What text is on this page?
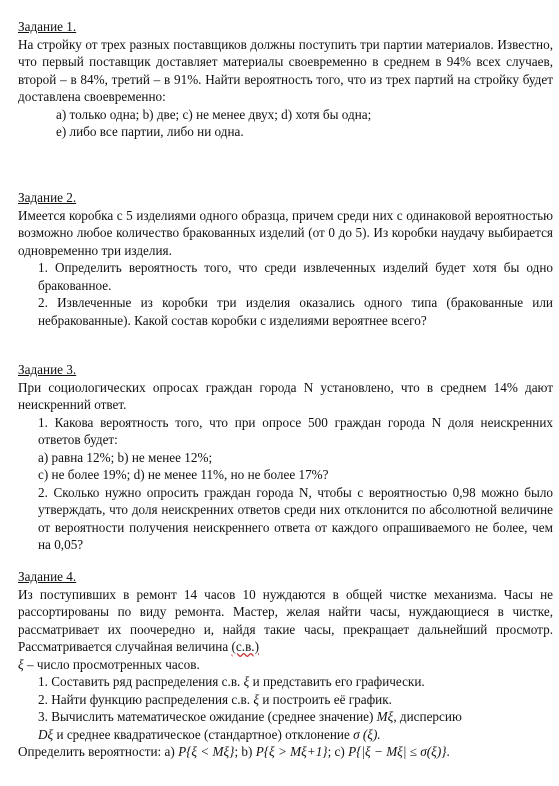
Задание 1.
На стройку от трех разных поставщиков должны поступить три партии материалов. Известно, что первый поставщик доставляет материалы своевременно в среднем в 94% всех случаев, второй – в 84%, третий – в 91%. Найти вероятность того, что из трех партий на стройку будет доставлена своевременно:
а) только одна; b) две; c) не менее двух; d) хотя бы одна;
е) либо все партии, либо ни одна.
Задание 2.
Имеется коробка с 5 изделиями одного образца, причем среди них с одинаковой вероятностью возможно любое количество бракованных изделий (от 0 до 5). Из коробки наудачу выбирается одновременно три изделия.
1. Определить вероятность того, что среди извлеченных изделий будет хотя бы одно бракованное.
2. Извлеченные из коробки три изделия оказались одного типа (бракованные или небракованные). Какой состав коробки с изделиями вероятнее всего?
Задание 3.
При социологических опросах граждан города N установлено, что в среднем 14% дают неискренний ответ.
1. Какова вероятность того, что при опросе 500 граждан города N доля неискренних ответов будет:
а) равна 12%; b) не менее 12%;
с) не более 19%; d) не менее 11%, но не более 17%?
2. Сколько нужно опросить граждан города N, чтобы с вероятностью 0,98 можно было утверждать, что доля неискренних ответов среди них отклонится по абсолютной величине от вероятности получения неискреннего ответа от каждого опрашиваемого не более, чем на 0,05?
Задание 4.
Из поступивших в ремонт 14 часов 10 нуждаются в общей чистке механизма. Часы не рассортированы по виду ремонта. Мастер, желая найти часы, нуждающиеся в чистке, рассматривает их поочередно и, найдя такие часы, прекращает дальнейший просмотр. Рассматривается случайная величина (с.в.)
ξ – число просмотренных часов.
1. Составить ряд распределения с.в. ξ и представить его графически.
2. Найти функцию распределения с.в. ξ и построить её график.
3. Вычислить математическое ожидание (среднее значение) Mξ, дисперсию
Dξ и среднее квадратическое (стандартное) отклонение σ (ξ).
Определить вероятности: a) P{ξ < Mξ}; b) P{ξ > Mξ+1}; c) P{|ξ − Mξ| ≤ σ(ξ)}.
